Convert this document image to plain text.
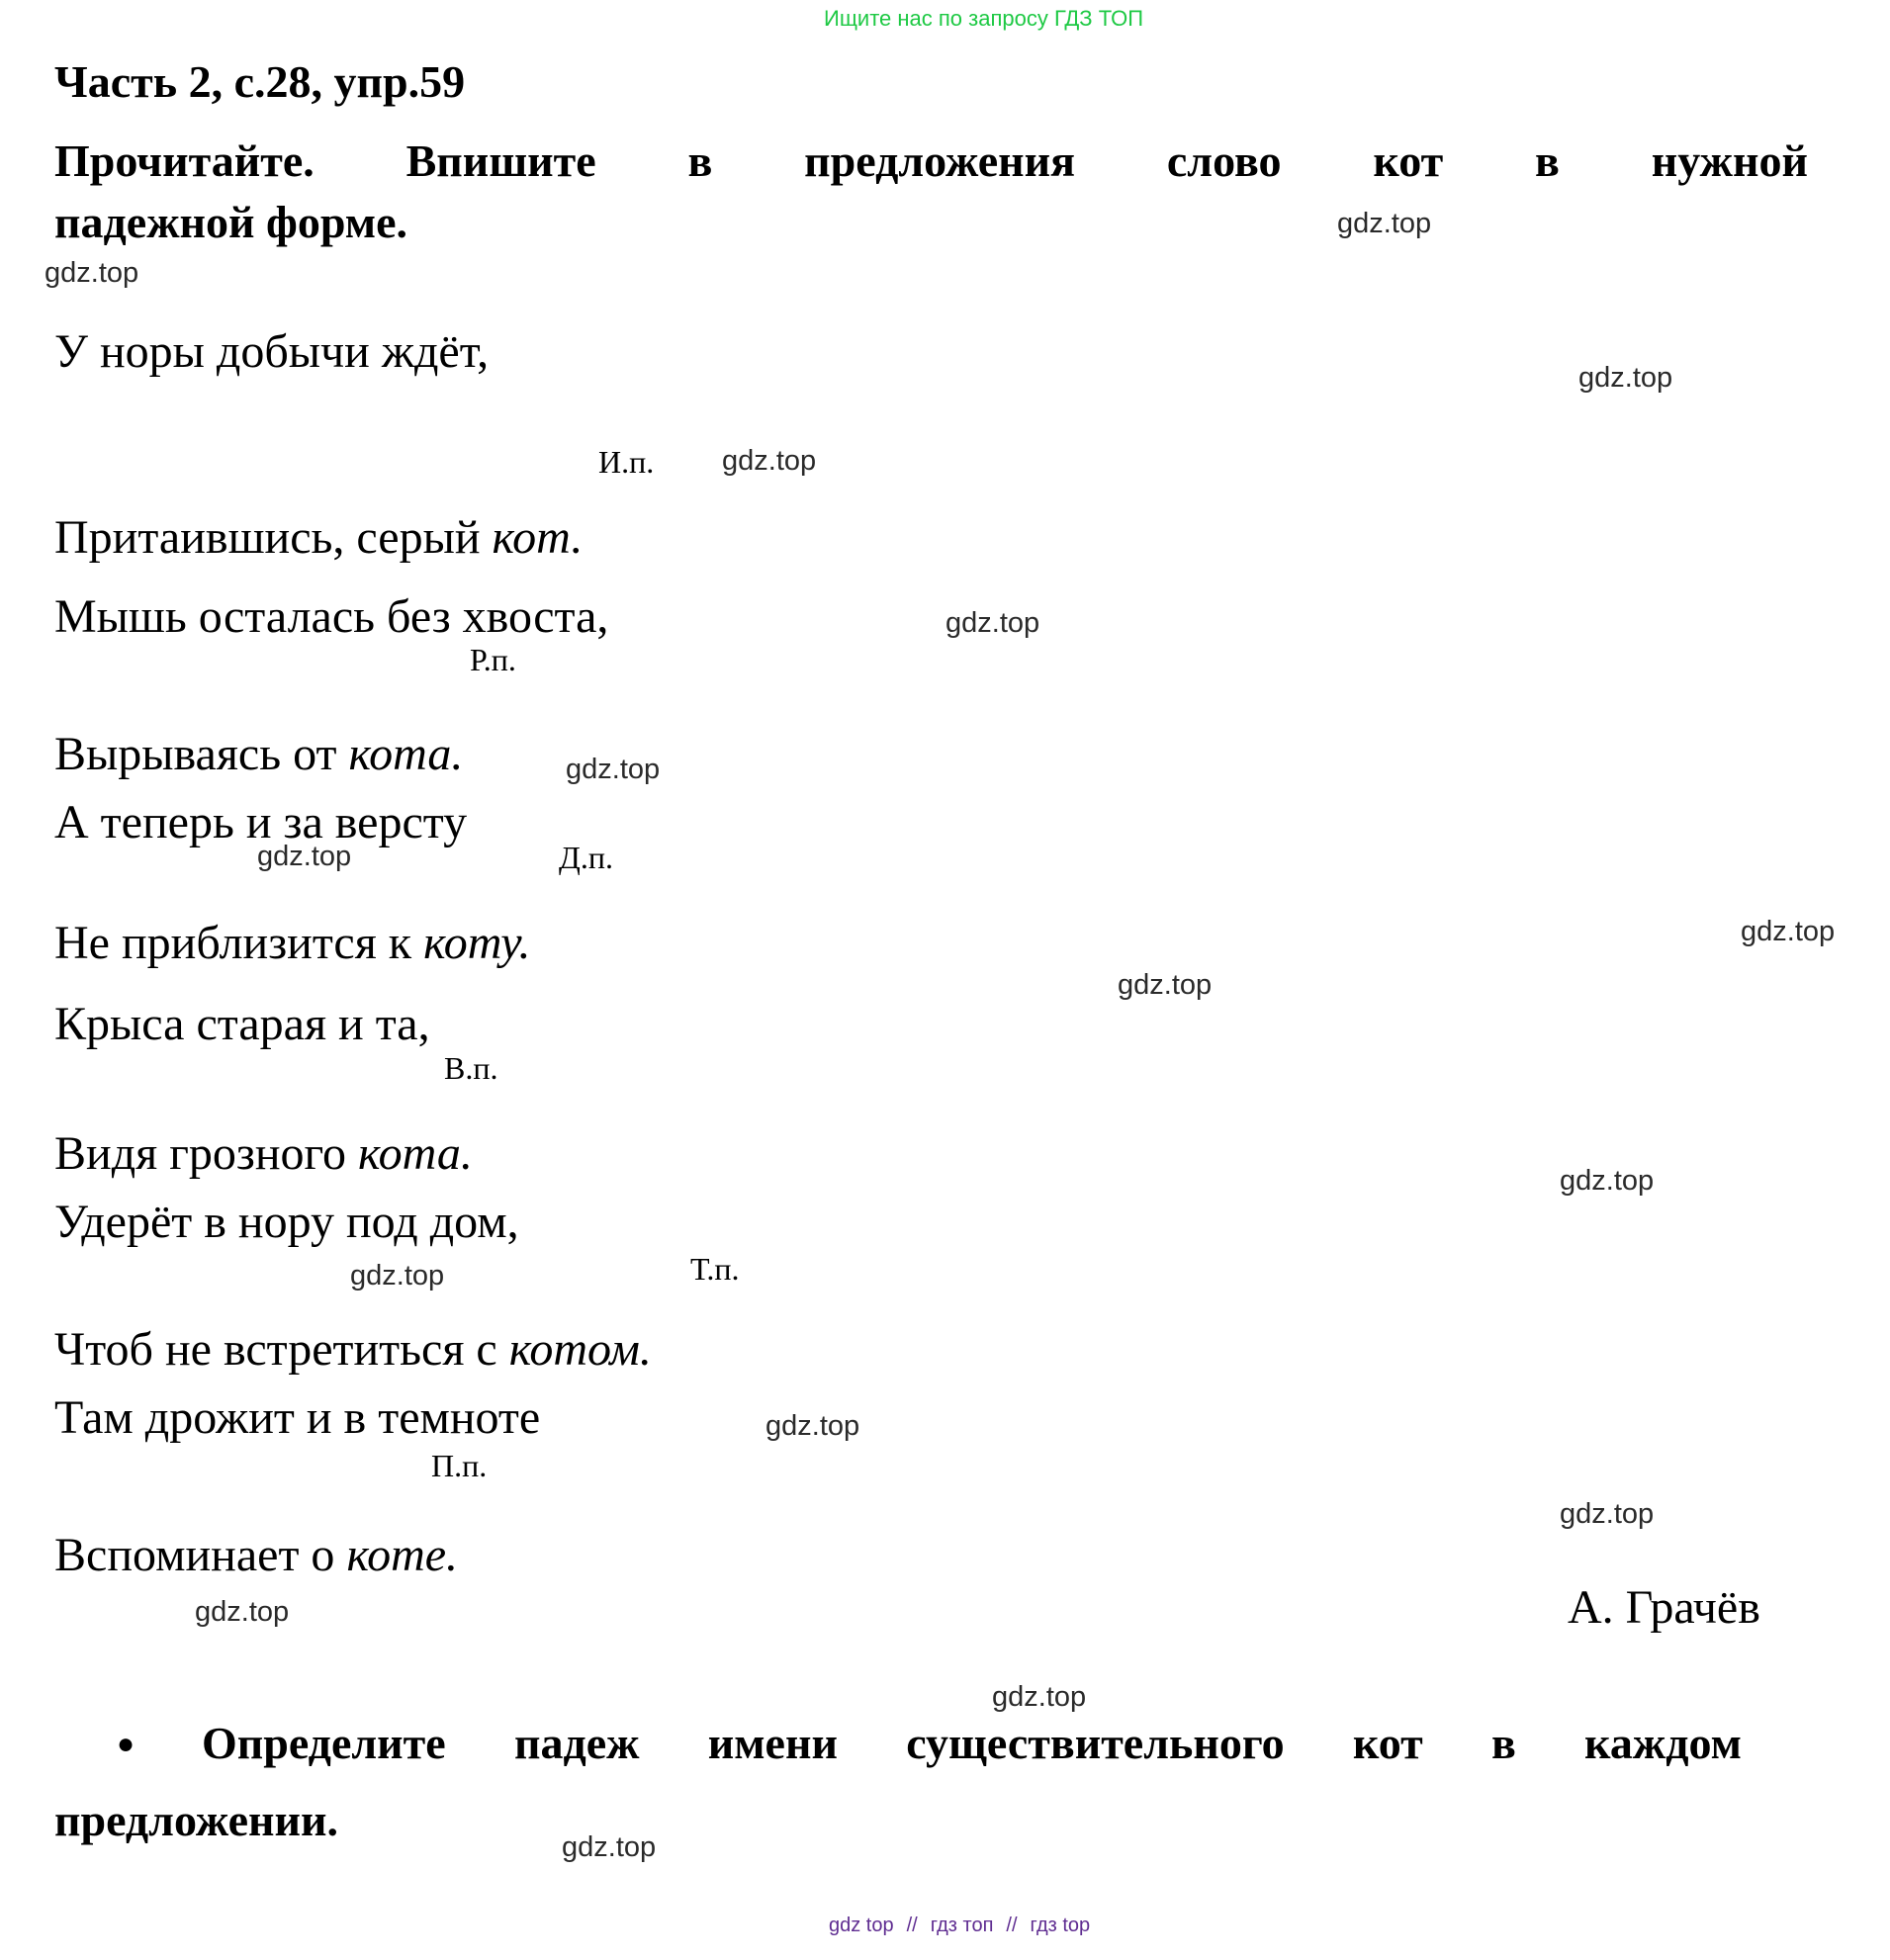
Ищите нас по запросу ГДЗ ТОП
Часть 2, с.28, упр.59
Прочитайте. Впишите в предложения слово кот в нужной
падежной форме.	gdz.top
gdz.top
У норы добычи ждёт,	gdz.top
И.п. gdz.top
Притаившись, серый кот.
Мышь осталась без хвоста,	gdz.top
Р.п.
Вырываясь от кота.	gdz.top
А теперь и за версту
gdz.top	Д.п.
Не приблизится к коту.	gdz.top
gdz.top
Крыса старая и та,
В.п.
Видя грозного кота.
gdz.top
Удерёт в нору под дом,
gdz.top	Т.п.
Чтоб не встретиться с котом.
Там дрожит и в темноте	gdz.top
П.п.
gdz.top
Вспоминает о коте.
gdz.top	А. Грачёв
gdz.top
● Определите падеж имени существительного кот в каждом
предложении.
gdz.top
gdz top // гдз топ // гдз top
